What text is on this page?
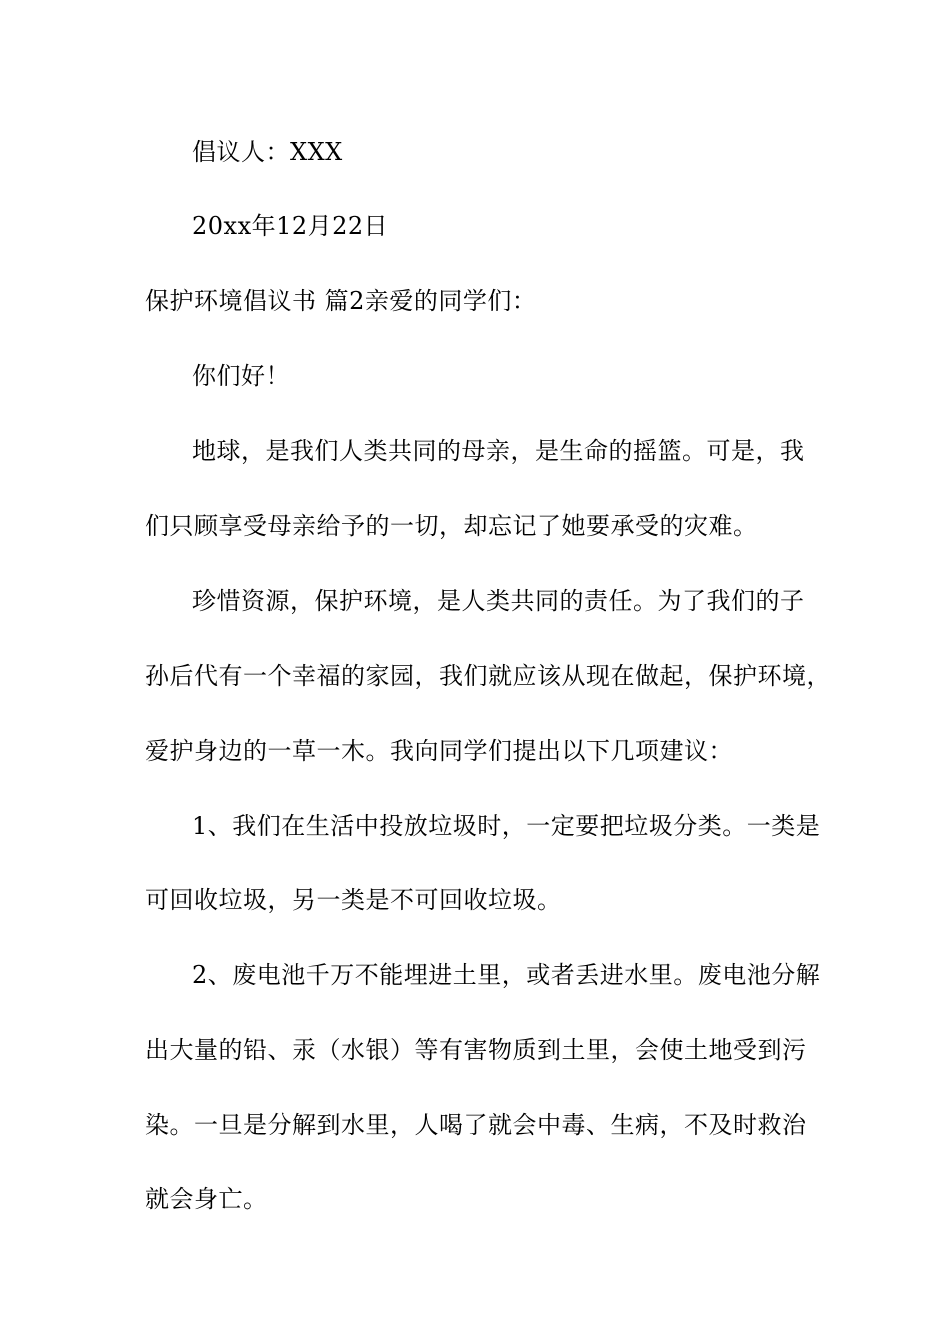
倡议人：XXX
20xx年12月22日
保护环境倡议书 篇2亲爱的同学们：
你们好！
地球，是我们人类共同的母亲，是生命的摇篮。可是，我
们只顾享受母亲给予的一切，却忘记了她要承受的灾难。
珍惜资源，保护环境，是人类共同的责任。为了我们的子
孙后代有一个幸福的家园，我们就应该从现在做起，保护环境，
爱护身边的一草一木。我向同学们提出以下几项建议：
1、我们在生活中投放垃圾时，一定要把垃圾分类。一类是
可回收垃圾，另一类是不可回收垃圾。
2、废电池千万不能埋进土里，或者丢进水里。废电池分解
出大量的铅、汞（水银）等有害物质到土里，会使土地受到污
染。一旦是分解到水里，人喝了就会中毒、生病，不及时救治
就会身亡。
